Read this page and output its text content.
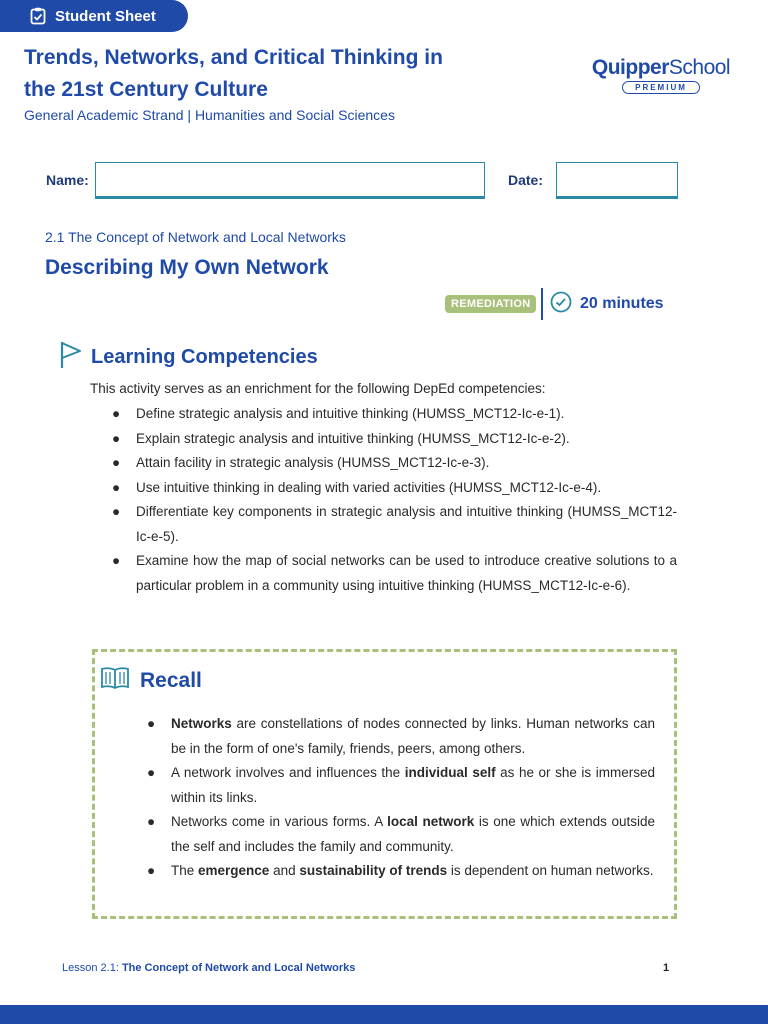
Student Sheet
Trends, Networks, and Critical Thinking in the 21st Century Culture
General Academic Strand | Humanities and Social Sciences
QuipperSchool
PREMIUM
Name:	Date:
2.1 The Concept of Network and Local Networks
Describing My Own Network
REMEDIATION	20 minutes
Learning Competencies
This activity serves as an enrichment for the following DepEd competencies:
● Define strategic analysis and intuitive thinking (HUMSS_MCT12-Ic-e-1).
● Explain strategic analysis and intuitive thinking (HUMSS_MCT12-Ic-e-2).
● Attain facility in strategic analysis (HUMSS_MCT12-Ic-e-3).
● Use intuitive thinking in dealing with varied activities (HUMSS_MCT12-Ic-e-4).
● Differentiate key components in strategic analysis and intuitive thinking (HUMSS_MCT12-Ic-e-5).
● Examine how the map of social networks can be used to introduce creative solutions to a particular problem in a community using intuitive thinking (HUMSS_MCT12-Ic-e-6).
Recall
● Networks are constellations of nodes connected by links. Human networks can be in the form of one's family, friends, peers, among others.
● A network involves and influences the individual self as he or she is immersed within its links.
● Networks come in various forms. A local network is one which extends outside the self and includes the family and community.
● The emergence and sustainability of trends is dependent on human networks.
Lesson 2.1: The Concept of Network and Local Networks	1
